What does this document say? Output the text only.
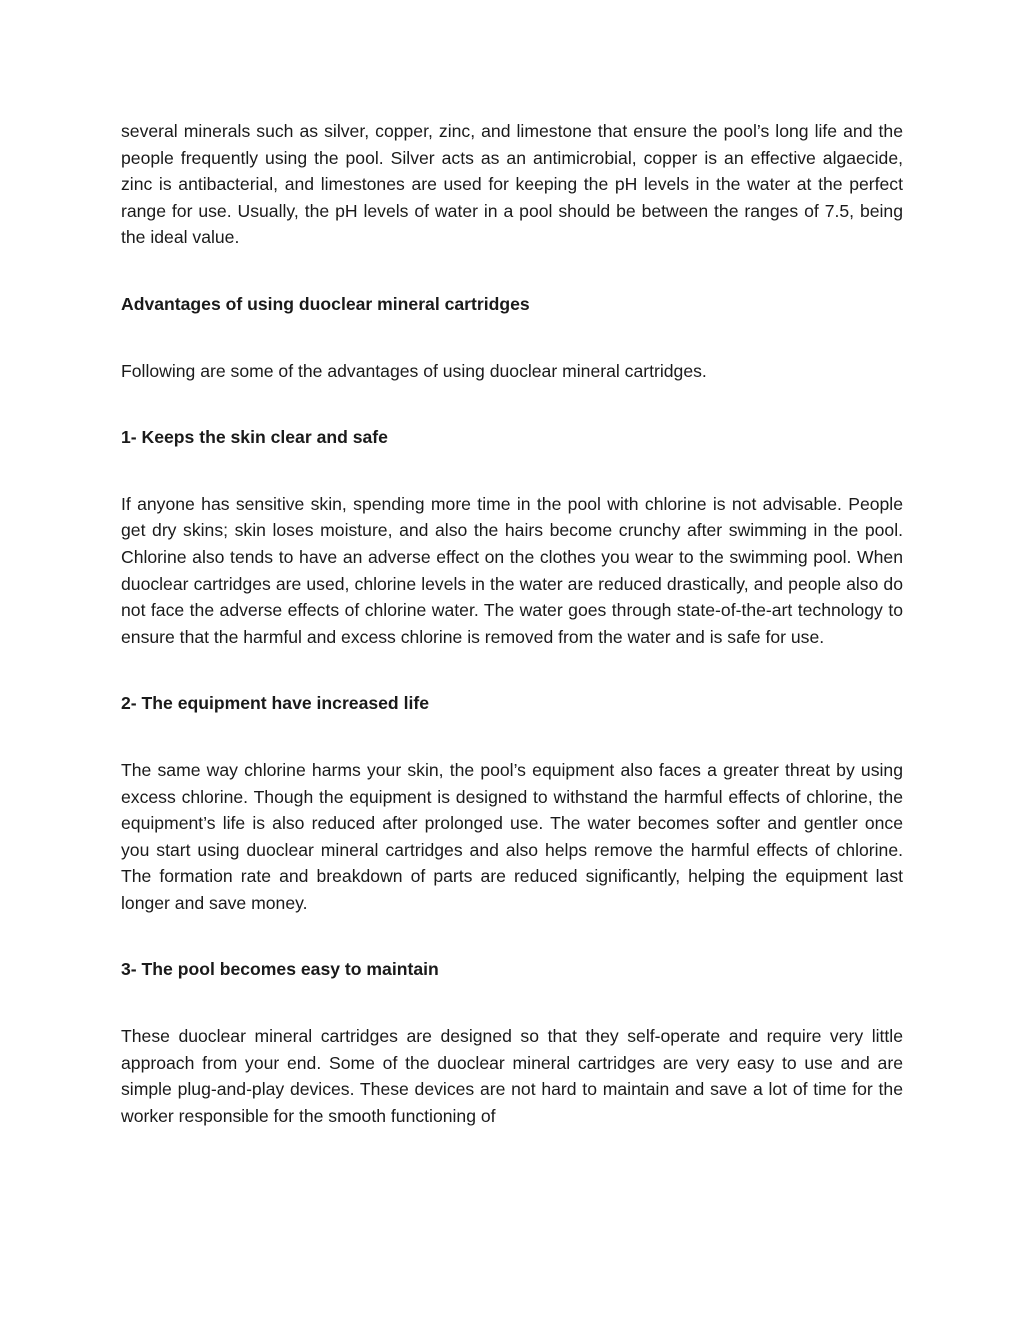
several minerals such as silver, copper, zinc, and limestone that ensure the pool’s long life and the people frequently using the pool. Silver acts as an antimicrobial, copper is an effective algaecide, zinc is antibacterial, and limestones are used for keeping the pH levels in the water at the perfect range for use. Usually, the pH levels of water in a pool should be between the ranges of 7.5, being the ideal value.

Advantages of using duoclear mineral cartridges

Following are some of the advantages of using duoclear mineral cartridges.

1- Keeps the skin clear and safe

If anyone has sensitive skin, spending more time in the pool with chlorine is not advisable. People get dry skins; skin loses moisture, and also the hairs become crunchy after swimming in the pool. Chlorine also tends to have an adverse effect on the clothes you wear to the swimming pool. When duoclear cartridges are used, chlorine levels in the water are reduced drastically, and people also do not face the adverse effects of chlorine water. The water goes through state-of-the-art technology to ensure that the harmful and excess chlorine is removed from the water and is safe for use.

2- The equipment have increased life

The same way chlorine harms your skin, the pool’s equipment also faces a greater threat by using excess chlorine. Though the equipment is designed to withstand the harmful effects of chlorine, the equipment’s life is also reduced after prolonged use. The water becomes softer and gentler once you start using duoclear mineral cartridges and also helps remove the harmful effects of chlorine. The formation rate and breakdown of parts are reduced significantly, helping the equipment last longer and save money.

3- The pool becomes easy to maintain

These duoclear mineral cartridges are designed so that they self-operate and require very little approach from your end. Some of the duoclear mineral cartridges are very easy to use and are simple plug-and-play devices. These devices are not hard to maintain and save a lot of time for the worker responsible for the smooth functioning of
